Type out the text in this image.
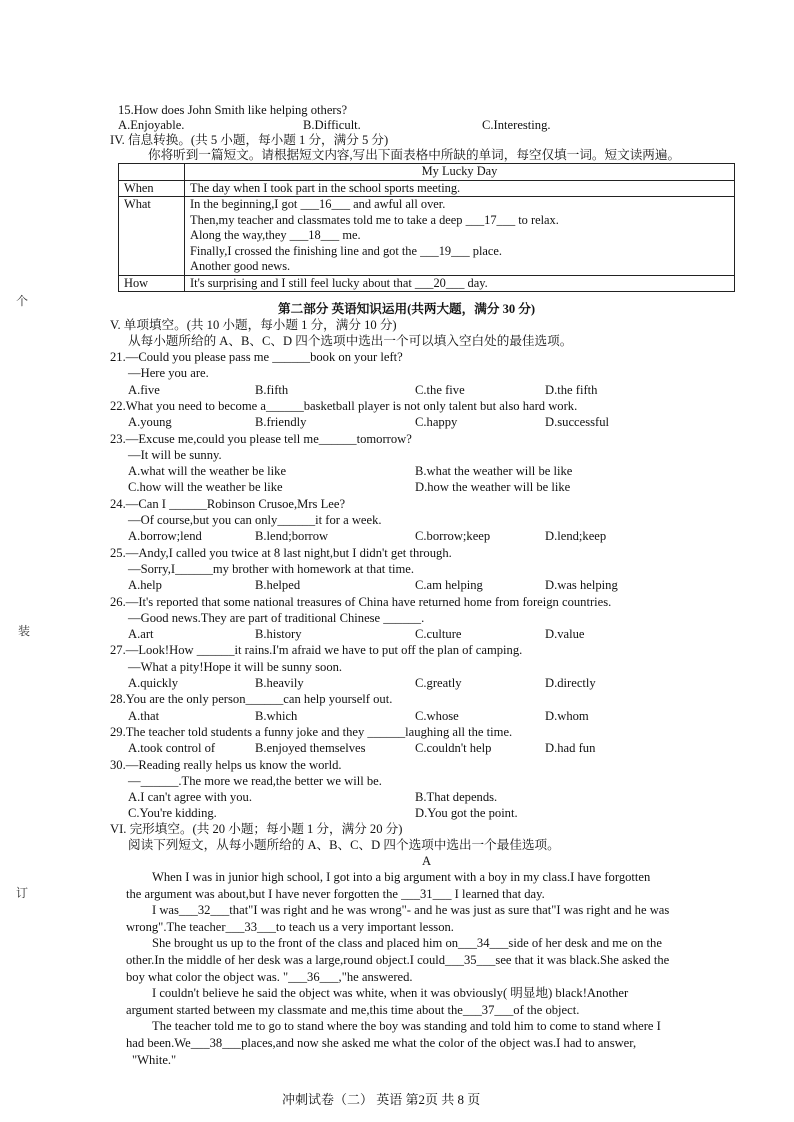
15.How does John Smith like helping others?
A.Enjoyable.	B.Difficult.	C.Interesting.
IV. 信息转换。(共 5 小题，每小题 1 分，满分 5 分)
你将听到一篇短文。请根据短文内容,写出下面表格中所缺的单词，每空仅填一词。短文读两遍。
	My Lucky Day
When	The day when I took part in the school sports meeting.
What	In the beginning,I got ___16___ and awful all over.
Then,my teacher and classmates told me to take a deep ___17___ to relax.
Along the way,they ___18___ me.
Finally,I crossed the finishing line and got the ___19___ place.
Another good news.

How	It's surprising and I still feel lucky about that ___20___ day.
第二部分 英语知识运用(共两大题，满分 30 分)
V. 单项填空。(共 10 小题，每小题 1 分，满分 10 分)
从每小题所给的 A、B、C、D 四个选项中选出一个可以填入空白处的最佳选项。
21.—Could you please pass me ______book on your left?
—Here you are.
A.five	B.fifth	C.the five	D.the fifth
22.What you need to become a______basketball player is not only talent but also hard work.
A.young	B.friendly	C.happy	D.successful
23.—Excuse me,could you please tell me______tomorrow?
—It will be sunny.
A.what will the weather be like	B.what the weather will be like
C.how will the weather be like	D.how the weather will be like
24.—Can I ______Robinson Crusoe,Mrs Lee?
—Of course,but you can only______it for a week.
A.borrow;lend	B.lend;borrow	C.borrow;keep	D.lend;keep
25.—Andy,I called you twice at 8 last night,but I didn't get through.
—Sorry,I______my brother with homework at that time.
A.help	B.helped	C.am helping	D.was helping
26.—It's reported that some national treasures of China have returned home from foreign countries.
—Good news.They are part of traditional Chinese ______.
A.art	B.history	C.culture	D.value
27.—Look!How ______it rains.I'm afraid we have to put off the plan of camping.
—What a pity!Hope it will be sunny soon.
A.quickly	B.heavily	C.greatly	D.directly
28.You are the only person______can help yourself out.
A.that	B.which	C.whose	D.whom
29.The teacher told students a funny joke and they ______laughing all the time.
A.took control of	B.enjoyed themselves	C.couldn't help	D.had fun
30.—Reading really helps us know the world.
—______.The more we read,the better we will be.
A.I can't agree with you.	B.That depends.
C.You're kidding.	D.You got the point.
VI. 完形填空。(共 20 小题；每小题 1 分，满分 20 分)
阅读下列短文，从每小题所给的 A、B、C、D 四个选项中选出一个最佳选项。
A
When I was in junior high school, I got into a big argument with a boy in my class.I have forgotten
the argument was about,but I have never forgotten the ___31___ I learned that day.
I was___32___that"I was right and he was wrong"- and he was just as sure that"I was right and he was
wrong".The teacher___33___to teach us a very important lesson.
She brought us up to the front of the class and placed him on___34___side of her desk and me on the
other.In the middle of her desk was a large,round object.I could___35___see that it was black.She asked the
boy what color the object was. "___36___,"he answered.
I couldn't believe he said the object was white, when it was obviously( 明显地) black!Another
argument started between my classmate and me,this time about the___37___of the object.
The teacher told me to go to stand where the boy was standing and told him to come to stand where I
had been.We___38___places,and now she asked me what the color of the object was.I had to answer,
"White."
冲刺试卷（二） 英语 第2页 共 8 页
个
装
订
